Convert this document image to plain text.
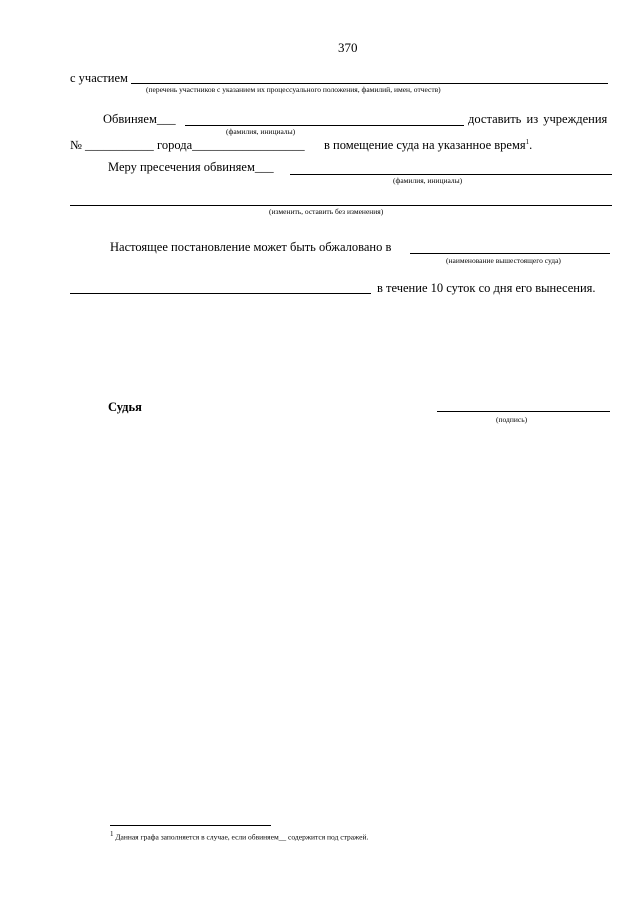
370
с участием
(перечень участников с указанием их процессуального положения, фамилий, имен, отчеств)
Обвиняем___
(фамилия, инициалы)
доставить из учреждения
№ ___________ города__________________ в помещение суда на указанное время$^1$.
Меру пресечения обвиняем___
(фамилия, инициалы)
(изменить, оставить без изменения)
Настоящее постановление может быть обжаловано в
(наименование вышестоящего суда)
в течение 10 суток со дня его вынесения.
Судья
(подпись)
$^1$ Данная графа заполняется в случае, если обвиняем__ содержится под стражей.
